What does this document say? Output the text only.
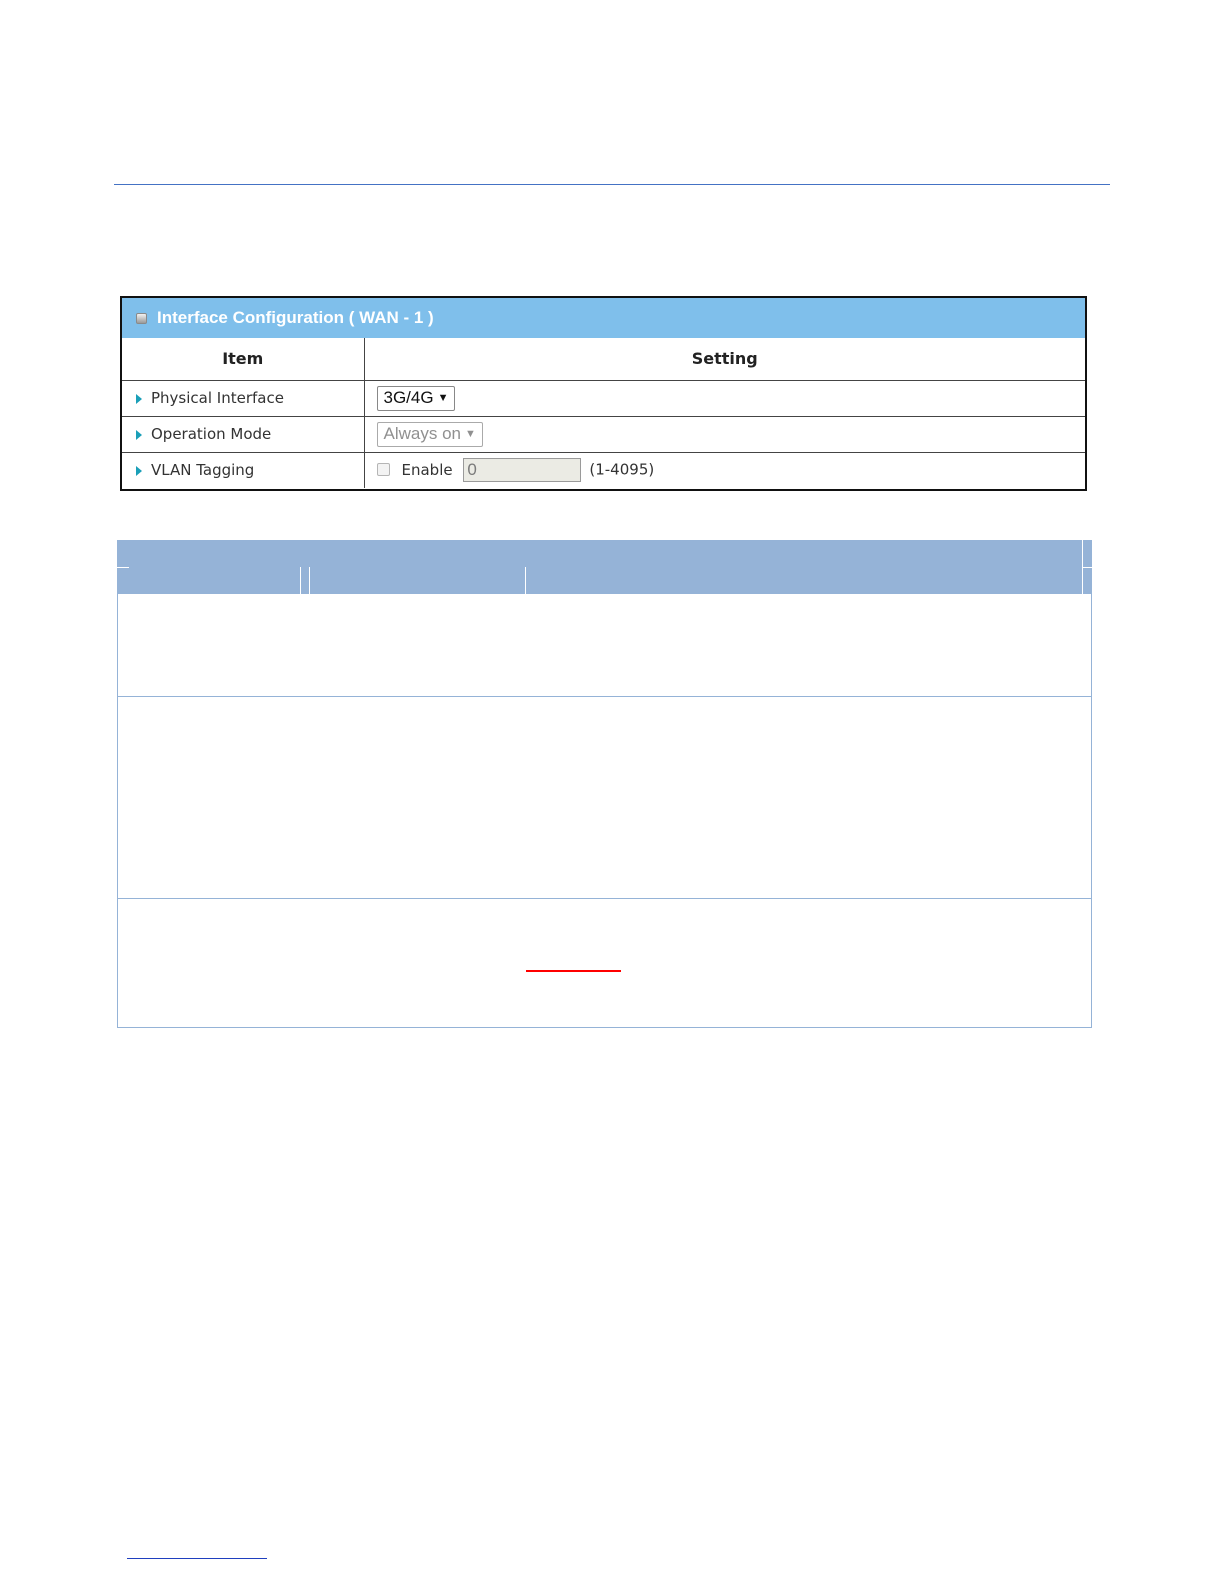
Interface Configuration ( WAN - 1 )
Item	Setting
Physical Interface	3G/4G ▼
Operation Mode	Always on ▼
VLAN Tagging	Enable 0 (1-4095)
